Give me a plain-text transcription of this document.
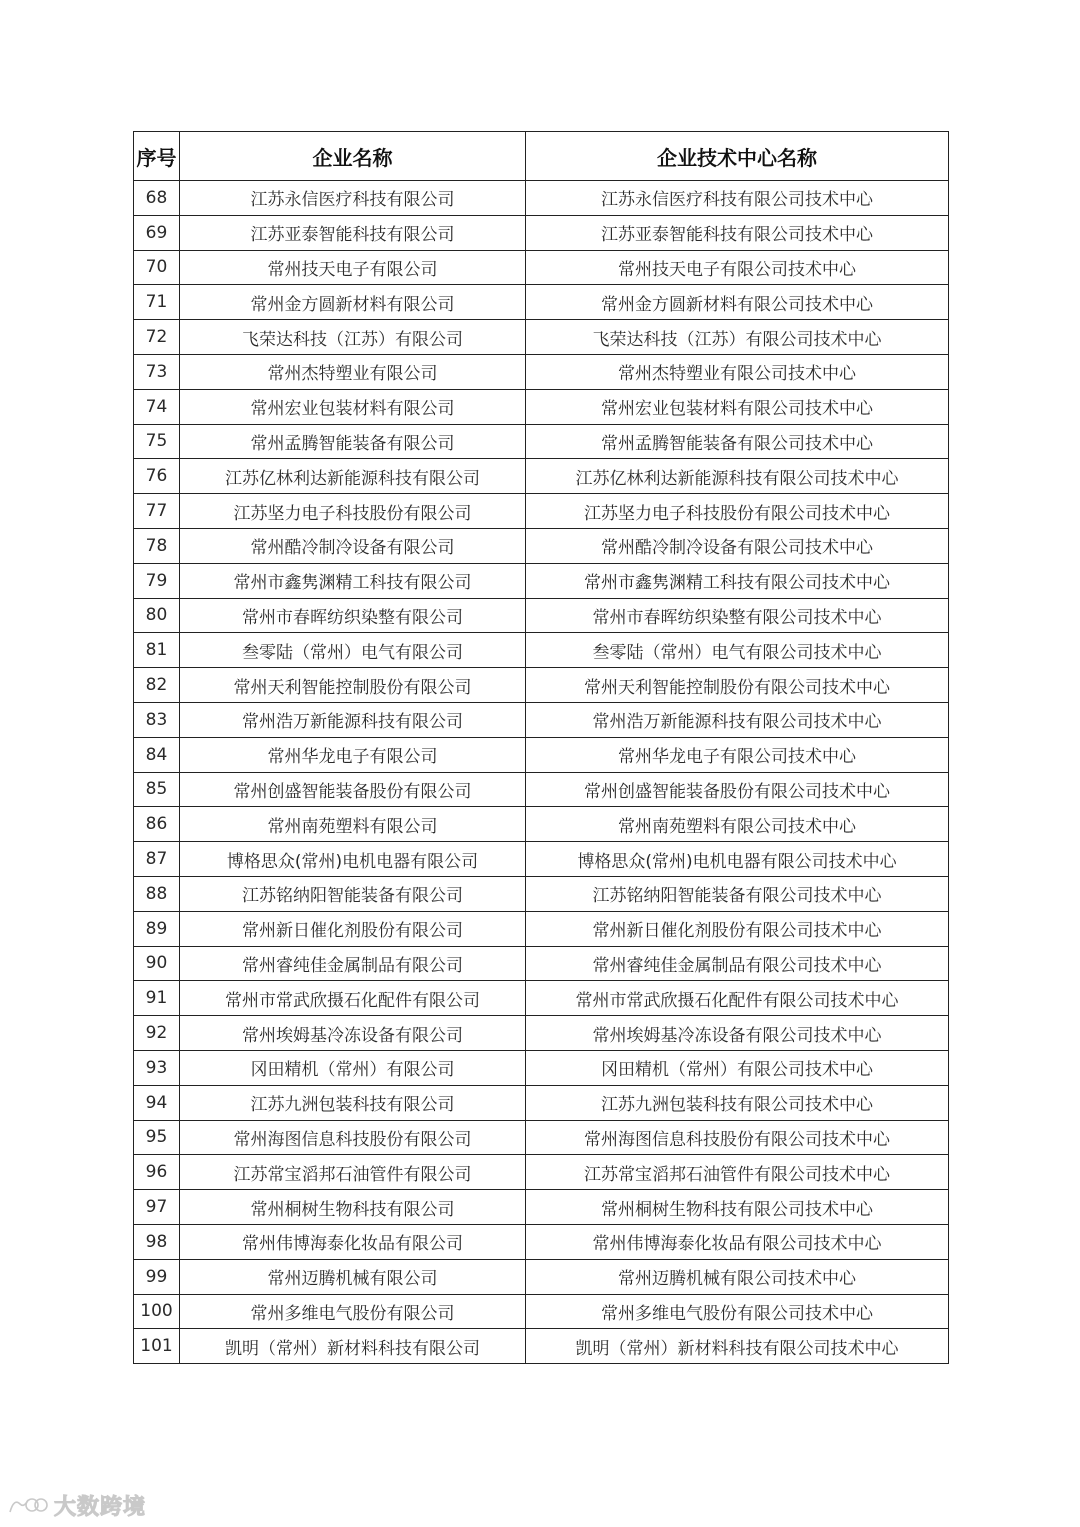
序号	企业名称	企业技术中心名称
68	江苏永信医疗科技有限公司	江苏永信医疗科技有限公司技术中心
69	江苏亚泰智能科技有限公司	江苏亚泰智能科技有限公司技术中心
70	常州技天电子有限公司	常州技天电子有限公司技术中心
71	常州金方圆新材料有限公司	常州金方圆新材料有限公司技术中心
72	飞荣达科技（江苏）有限公司	飞荣达科技（江苏）有限公司技术中心
73	常州杰特塑业有限公司	常州杰特塑业有限公司技术中心
74	常州宏业包装材料有限公司	常州宏业包装材料有限公司技术中心
75	常州孟腾智能装备有限公司	常州孟腾智能装备有限公司技术中心
76	江苏亿林利达新能源科技有限公司	江苏亿林利达新能源科技有限公司技术中心
77	江苏坚力电子科技股份有限公司	江苏坚力电子科技股份有限公司技术中心
78	常州酷冷制冷设备有限公司	常州酷冷制冷设备有限公司技术中心
79	常州市鑫隽渊精工科技有限公司	常州市鑫隽渊精工科技有限公司技术中心
80	常州市春晖纺织染整有限公司	常州市春晖纺织染整有限公司技术中心
81	叁零陆（常州）电气有限公司	叁零陆（常州）电气有限公司技术中心
82	常州天利智能控制股份有限公司	常州天利智能控制股份有限公司技术中心
83	常州浩万新能源科技有限公司	常州浩万新能源科技有限公司技术中心
84	常州华龙电子有限公司	常州华龙电子有限公司技术中心
85	常州创盛智能装备股份有限公司	常州创盛智能装备股份有限公司技术中心
86	常州南苑塑料有限公司	常州南苑塑料有限公司技术中心
87	博格思众(常州)电机电器有限公司	博格思众(常州)电机电器有限公司技术中心
88	江苏铭纳阳智能装备有限公司	江苏铭纳阳智能装备有限公司技术中心
89	常州新日催化剂股份有限公司	常州新日催化剂股份有限公司技术中心
90	常州睿纯佳金属制品有限公司	常州睿纯佳金属制品有限公司技术中心
91	常州市常武欣摄石化配件有限公司	常州市常武欣摄石化配件有限公司技术中心
92	常州埃姆基冷冻设备有限公司	常州埃姆基冷冻设备有限公司技术中心
93	冈田精机（常州）有限公司	冈田精机（常州）有限公司技术中心
94	江苏九洲包装科技有限公司	江苏九洲包装科技有限公司技术中心
95	常州海图信息科技股份有限公司	常州海图信息科技股份有限公司技术中心
96	江苏常宝滔邦石油管件有限公司	江苏常宝滔邦石油管件有限公司技术中心
97	常州桐树生物科技有限公司	常州桐树生物科技有限公司技术中心
98	常州伟博海泰化妆品有限公司	常州伟博海泰化妆品有限公司技术中心
99	常州迈腾机械有限公司	常州迈腾机械有限公司技术中心
100	常州多维电气股份有限公司	常州多维电气股份有限公司技术中心
101	凯明（常州）新材料科技有限公司	凯明（常州）新材料科技有限公司技术中心
大数跨境
